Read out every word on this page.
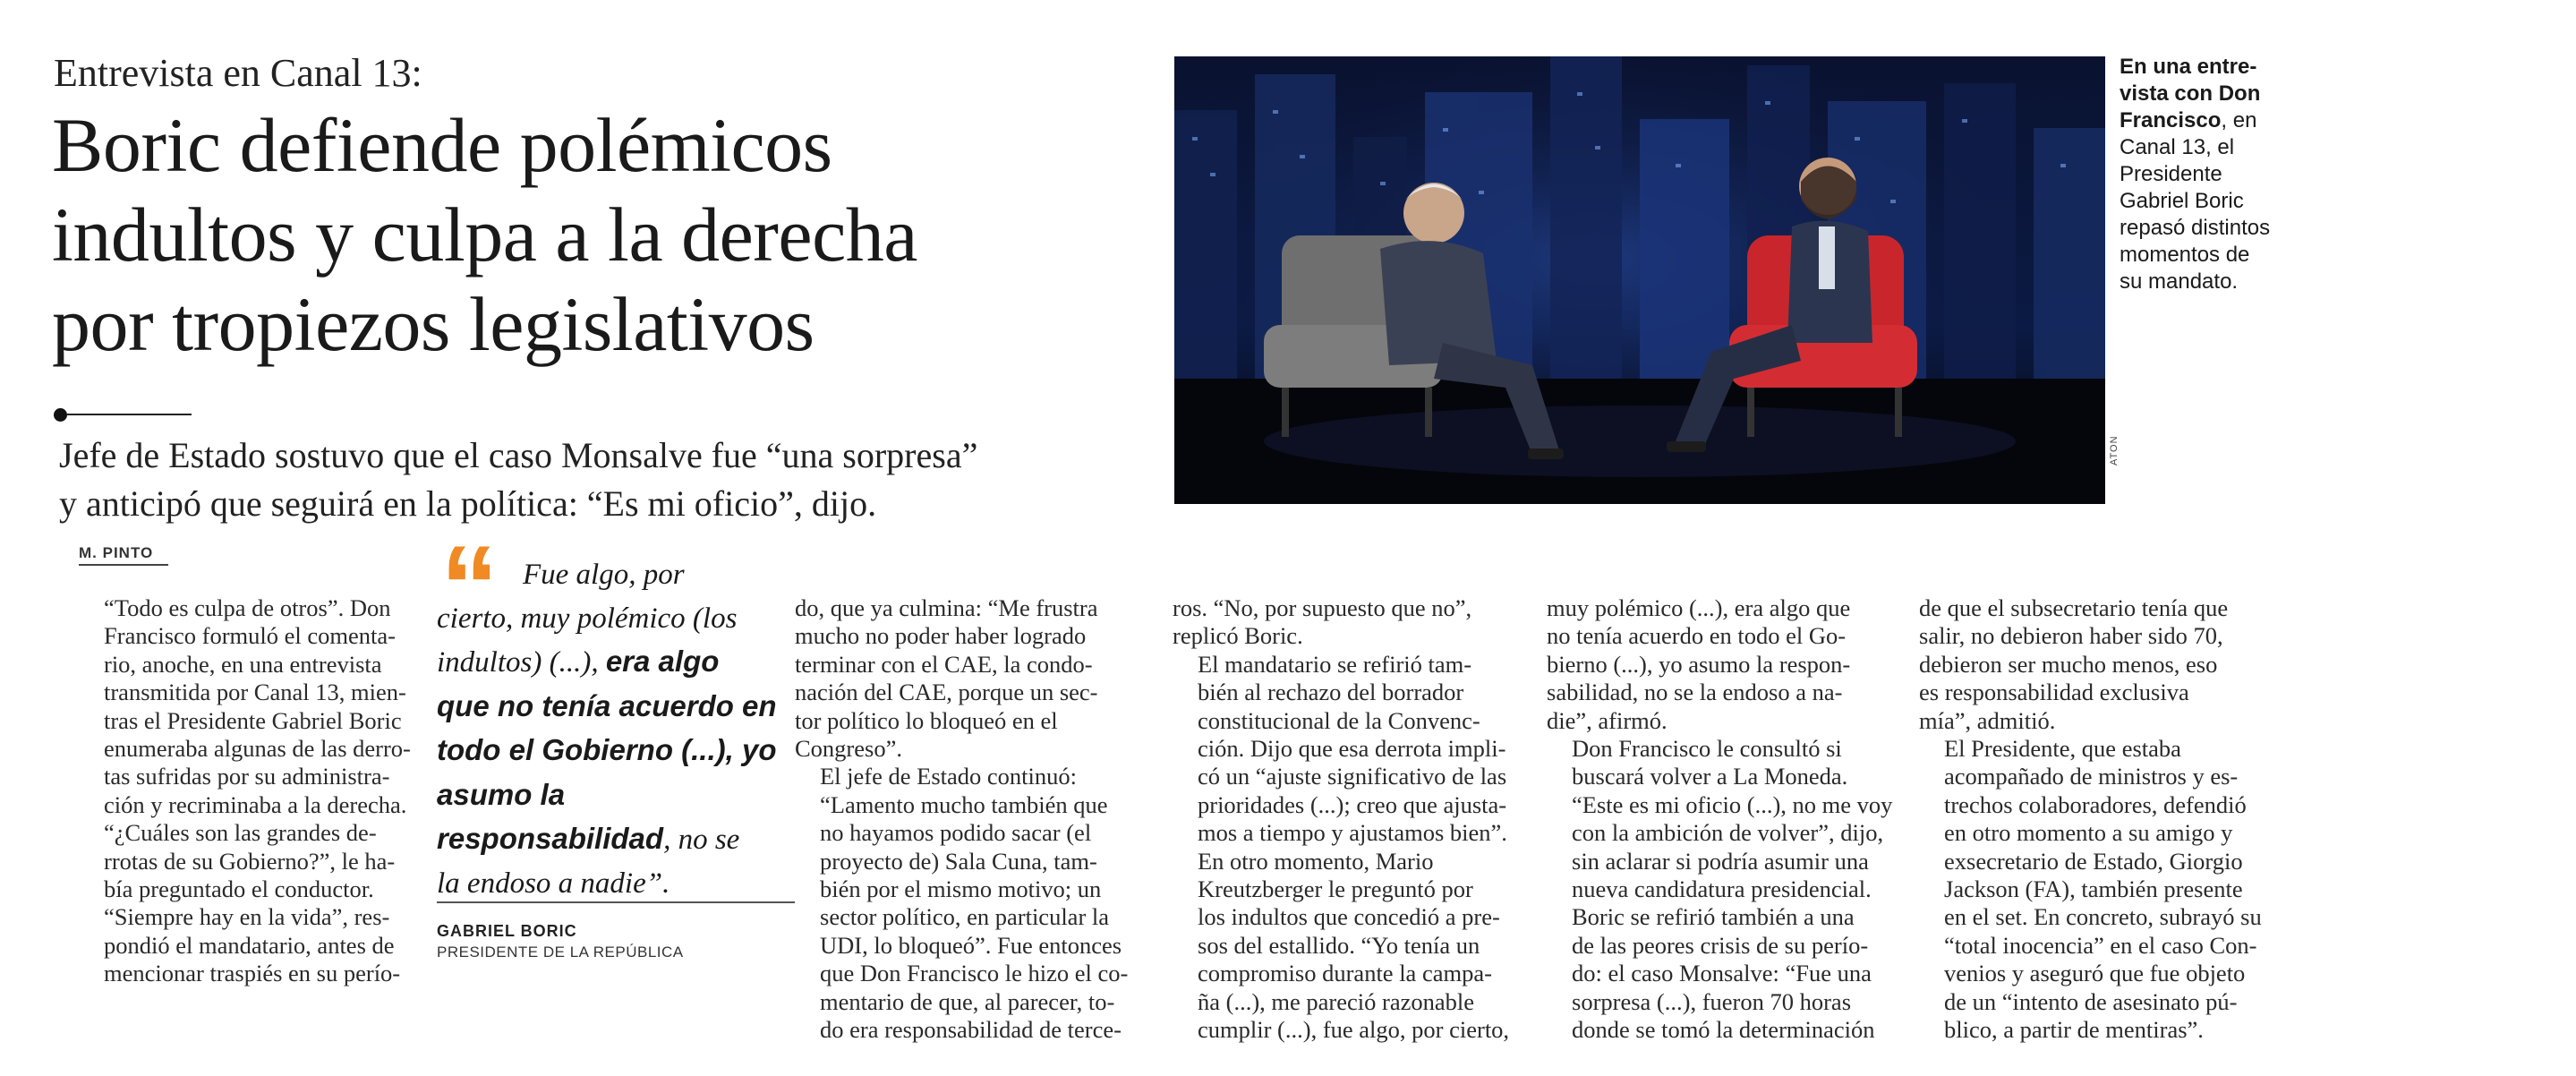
Entrevista en Canal 13:
Boric defiende polémicos
indultos y culpa a la derecha
por tropiezos legislativos
Jefe de Estado sostuvo que el caso Monsalve fue “una sorpresa”
y anticipó que seguirá en la política: “Es mi oficio”, dijo.
M. PINTO “ Fue algo, por
cierto, muy polémico (los
indultos) (...), era algo
que no tenía acuerdo en
todo el Gobierno (...), yo
asumo la
responsabilidad, no se
la endoso a nadie”.
GABRIEL BORIC
PRESIDENTE DE LA REPÚBLICA

“Todo es culpa de otros”. Don
Francisco formuló el comenta-
rio, anoche, en una entrevista
transmitida por Canal 13, mien-
tras el Presidente Gabriel Boric
enumeraba algunas de las derro-
tas sufridas por su administra-
ción y recriminaba a la derecha.

“¿Cuáles son las grandes de-
rrotas de su Gobierno?”, le ha-
bía preguntado el conductor.
“Siempre hay en la vida”, res-
pondió el mandatario, antes de
mencionar traspiés en su perío-

do, que ya culmina: “Me frustra
mucho no poder haber logrado
terminar con el CAE, la condo-
nación del CAE, porque un sec-
tor político lo bloqueó en el
Congreso”.

El jefe de Estado continuó:
“Lamento mucho también que
no hayamos podido sacar (el
proyecto de) Sala Cuna, tam-
bién por el mismo motivo; un
sector político, en particular la
UDI, lo bloqueó”. Fue entonces
que Don Francisco le hizo el co-
mentario de que, al parecer, to-
do era responsabilidad de terce-

ros. “No, por supuesto que no”,
replicó Boric.

El mandatario se refirió tam-
bién al rechazo del borrador
constitucional de la Convenc-
ción. Dijo que esa derrota impli-
có un “ajuste significativo de las
prioridades (...); creo que ajusta-
mos a tiempo y ajustamos bien”.

En otro momento, Mario
Kreutzberger le preguntó por
los indultos que concedió a pre-
sos del estallido. “Yo tenía un
compromiso durante la campa-
ña (...), me pareció razonable
cumplir (...), fue algo, por cierto,

muy polémico (...), era algo que
no tenía acuerdo en todo el Go-
bierno (...), yo asumo la respon-
sabilidad, no se la endoso a na-
die”, afirmó.

Don Francisco le consultó si
buscará volver a La Moneda.
“Este es mi oficio (...), no me voy
con la ambición de volver”, dijo,
sin aclarar si podría asumir una
nueva candidatura presidencial.

Boric se refirió también a una
de las peores crisis de su perío-
do: el caso Monsalve: “Fue una
sorpresa (...), fueron 70 horas
donde se tomó la determinación

de que el subsecretario tenía que
salir, no debieron haber sido 70,
debieron ser mucho menos, eso
es responsabilidad exclusiva
mía”, admitió.

El Presidente, que estaba
acompañado de ministros y es-
trechos colaboradores, defendió
en otro momento a su amigo y
exsecretario de Estado, Giorgio
Jackson (FA), también presente
en el set. En concreto, subrayó su
“total inocencia” en el caso Con-
venios y aseguró que fue objeto
de un “intento de asesinato pú-
blico, a partir de mentiras”.

En una entre-
vista con Don
Francisco, en
Canal 13, el
Presidente
Gabriel Boric
repasó distintos
momentos de
su mandato.
ATON
